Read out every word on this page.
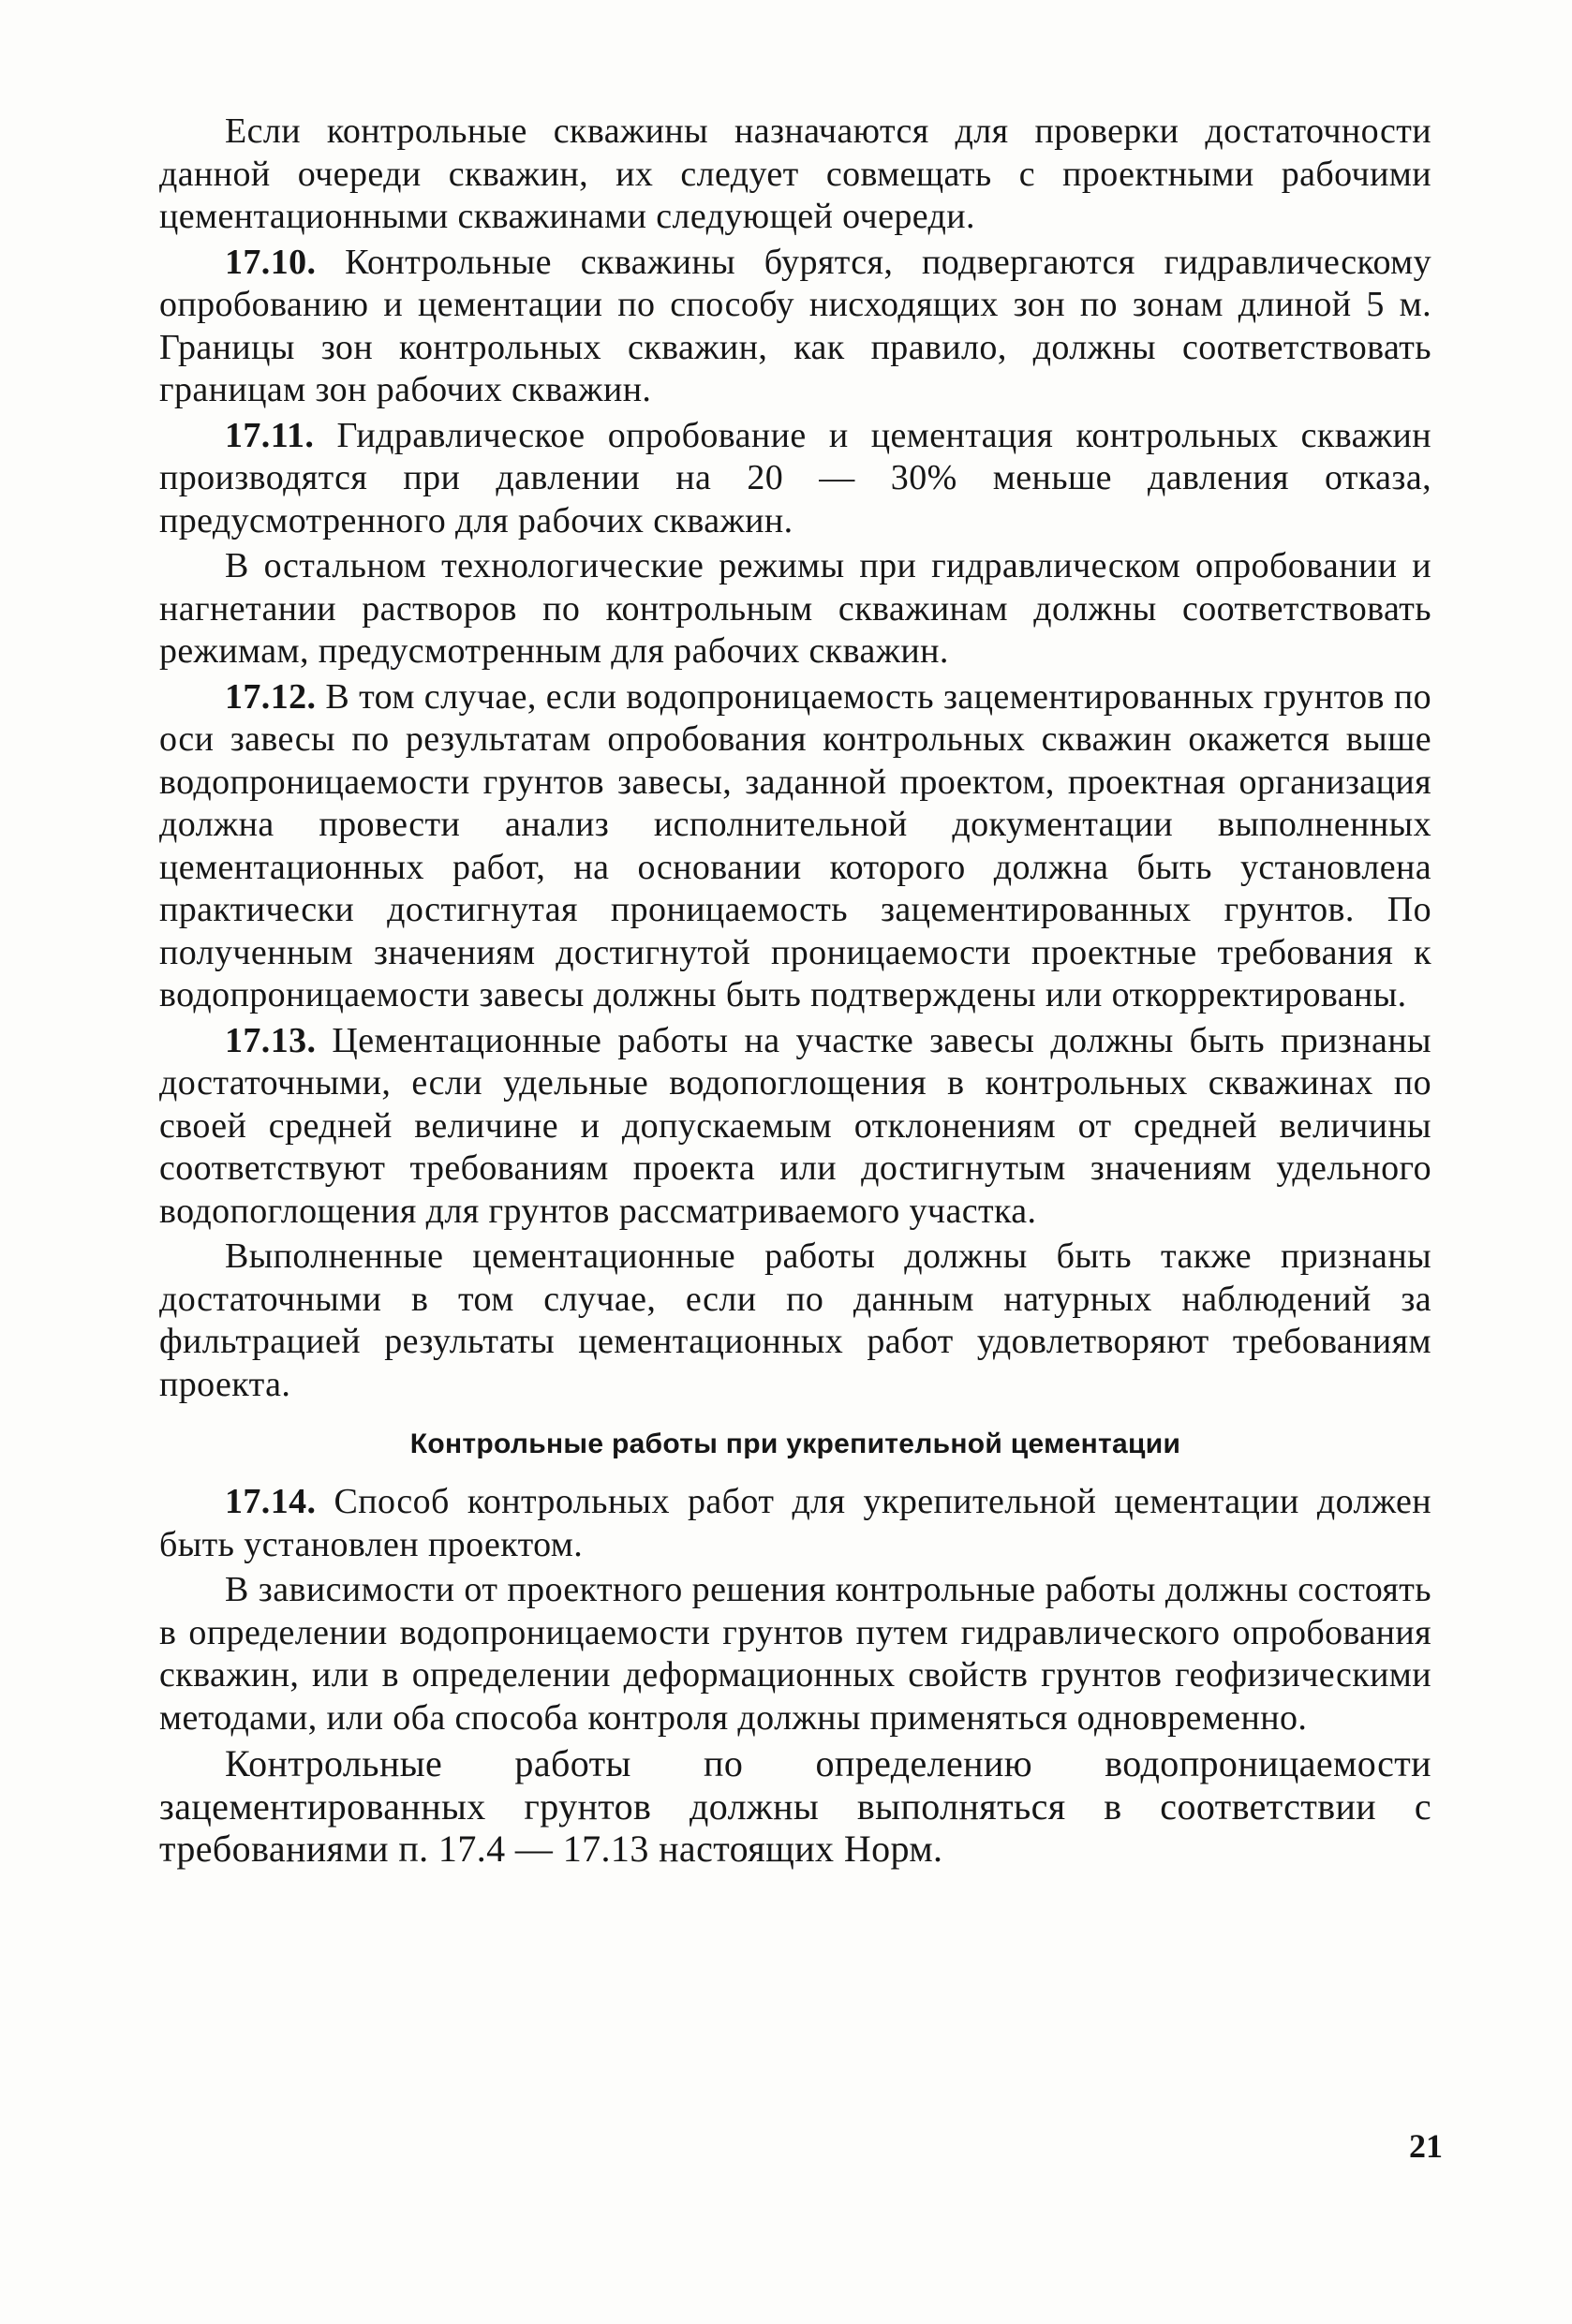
Если контрольные скважины назначаются для проверки достаточности данной очереди скважин, их следует совмещать с проектными рабочими цементационными скважинами следующей очереди.

17.10. Контрольные скважины бурятся, подвергаются гидравлическому опробованию и цементации по способу нисходящих зон по зонам длиной 5 м. Границы зон контрольных скважин, как правило, должны соответствовать границам зон рабочих скважин.

17.11. Гидравлическое опробование и цементация контрольных скважин производятся при давлении на 20 — 30% меньше давления отказа, предусмотренного для рабочих скважин.

В остальном технологические режимы при гидравлическом опробовании и нагнетании растворов по контрольным скважинам должны соответствовать режимам, предусмотренным для рабочих скважин.

17.12. В том случае, если водопроницаемость зацементированных грунтов по оси завесы по результатам опробования контрольных скважин окажется выше водопроницаемости грунтов завесы, заданной проектом, проектная организация должна провести анализ исполнительной документации выполненных цементационных работ, на основании которого должна быть установлена практически достигнутая проницаемость зацементированных грунтов. По полученным значениям достигнутой проницаемости проектные требования к водопроницаемости завесы должны быть подтверждены или откорректированы.

17.13. Цементационные работы на участке завесы должны быть признаны достаточными, если удельные водопоглощения в контрольных скважинах по своей средней величине и допускаемым отклонениям от средней величины соответствуют требованиям проекта или достигнутым значениям удельного водопоглощения для грунтов рассматриваемого участка.

Выполненные цементационные работы должны быть также признаны достаточными в том случае, если по данным натурных наблюдений за фильтрацией результаты цементационных работ удовлетворяют требованиям проекта.

Контрольные работы при укрепительной цементации

17.14. Способ контрольных работ для укрепительной цементации должен быть установлен проектом.

В зависимости от проектного решения контрольные работы должны состоять в определении водопроницаемости грунтов путем гидравлического опробования скважин, или в определении деформационных свойств грунтов геофизическими методами, или оба способа контроля должны применяться одновременно.

Контрольные работы по определению водопроницаемости зацементированных грунтов должны выполняться в соответствии с требованиями п. 17.4 — 17.13 настоящих Норм.

21
